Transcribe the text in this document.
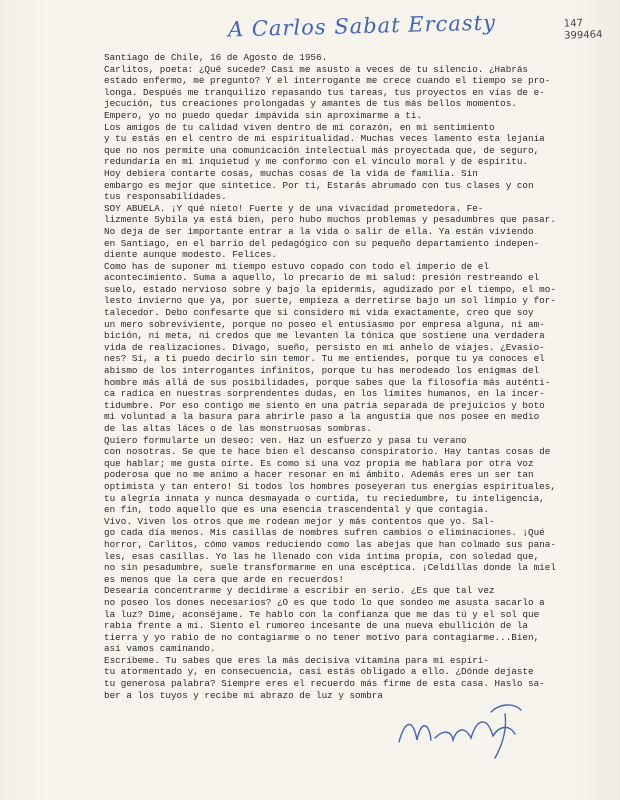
A Carlos Sabat Ercasty	147
399464

Santiago de Chile, 16 de Agosto de 1956.

Carlitos, poeta: ¿Qué sucede? Casi me asusto a veces de tu silencio. ¿Habrás
estado enfermo, me pregunto? Y el interrogante me crece cuando el tiempo se pro-
longa. Después me tranquilizo repasando tus tareas, tus proyectos en vías de e-
jecución, tus creaciones prolongadas y amantes de tus más bellos momentos.
Empero, yo no puedo quedar impávida sin aproximarme a ti.

Los amigos de tu calidad viven dentro de mi corazón, en mi sentimiento
y tu estás en el centro de mi espiritualidad. Muchas veces lamento esta lejanía
que no nos permite una comunicación intelectual más proyectada que, de seguro,
redundaría en mi inquietud y me conformo con el vínculo moral y de espíritu.
Hoy debiera contarte cosas, muchas cosas de la vida de familia. Sin
embargo es mejor que sintetice. Por ti, Estarás abrumado con tus clases y con
tus responsabilidades.

SOY ABUELA. ¡Y qué nieto! Fuerte y de una vivacidad prometedora. Fe-
lizmente Sybila ya está bien, pero hubo muchos problemas y pesadumbres que pasar.
No deja de ser importante entrar a la vida o salir de ella. Ya están viviendo
en Santiago, en el barrio del pedagógico con su pequeño departamiento indepen-
diente aunque modesto. Felices.

Como has de suponer mi tiempo estuvo copado con todo el imperio de el
acontecimiento. Suma a aquello, lo precario de mi salud: presión restreando el
suelo, estado nervioso sobre y bajo la epidermis, agudizado por el tiempo, el mo-
lesto invierno que ya, por suerte, empieza a derretirse bajo un sol limpio y for-
talecedor. Debo confesarte que si considero mi vida exactamente, creo que soy
un mero sobreviviente, porque no poseo el entusiasmo por empresa alguna, ni am-
bición, ni meta, ni credos que me levanten la tónica que sostiene una verdadera
vida de realizaciones. Divago, sueño, persisto en mi anhelo de viajes. ¿Evasio-
nes? Sí, a ti puedo decirlo sin temor. Tu me entiendes, porque tu ya conoces el
abismo de los interrogantes infinitos, porque tu has merodeado los enigmas del
hombre más allá de sus posibilidades, porque sabes que la filosofía más auténti-
ca radica en nuestras sorprendentes dudas, en los límites humanos, en la incer-
tidumbre. Por eso contigo me siento en una patria separada de prejuicios y boto
mi voluntad a la basura para abrirle paso a la angustia que nos posee en medio
de las altas láces o de las monstruosas sombras.

Quiero formularte un deseo: ven. Haz un esfuerzo y pasa tu verano
con nosotras. Se que te hace bien el descanso conspiratorio. Hay tantas cosas de
que hablar; me gusta oírte. Es como si una voz propia me hablara por otra voz
poderosa que no me animo a hacer resonar en mi ámbito. Además eres un ser tan
optimista y tan entero! Si todos los hombres poseyeran tus energías espirituales,
tu alegría innata y nunca desmayada o curtida, tu reciedumbre, tu inteligencia,
en fin, todo aquello que es una esencia trascendental y que contagia.

Vivo. Viven los otros que me rodean mejor y más contentos que yo. Sal-
go cada día menos. Mis casillas de nombres sufren cambios o eliminaciones. ¡Qué
horror, Carlitos, cómo vamos reduciendo como las abejas que han colmado sus pana-
les, esas casillas. Yo las he llenado con vida íntima propia, con soledad que,
no sin pesadumbre, suele transformarme en una escéptica. ¡Celdillas donde la miel
es menos que la cera que arde en recuerdos!

Desearía concentrarme y decidirme a escribir en serio. ¿Es que tal vez
no poseo los dones necesarios? ¿O es que todo lo que sondeo me asusta sacarlo a
la luz? Dime, aconséjame. Te hablo con la confianza que me das tú y el sol que
rabia frente a mí. Siento el rumoreo incesante de una nueva ebullición de la
tierra y yo rabio de no contagiarme o no tener motivo para contagiarme...Bien,
así vamos caminando.

Escríbeme. Tu sabes que eres la más decisiva vitamina para mi espíri-
tu atormentado y, en consecuencia, casi estás obligado a ello. ¿Dónde dejaste
tu generosa palabra? Siempre eres el recuerdo más firme de esta casa. Haslo sa-
ber a los tuyos y recibe mi abrazo de luz y sombra
